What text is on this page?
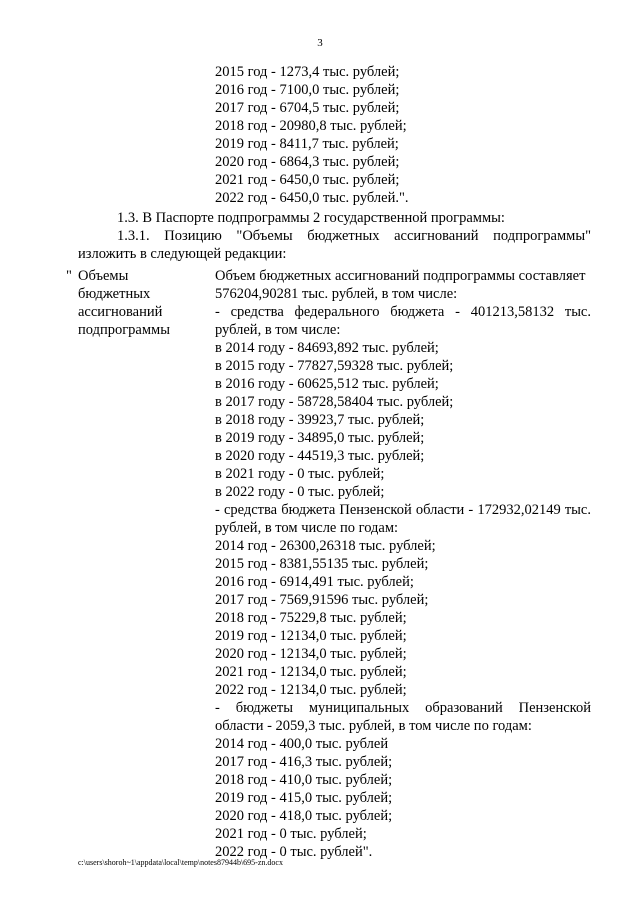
3
2015 год - 1273,4 тыс. рублей;
2016 год - 7100,0 тыс. рублей;
2017 год - 6704,5 тыс. рублей;
2018 год - 20980,8 тыс. рублей;
2019 год - 8411,7 тыс. рублей;
2020 год - 6864,3 тыс. рублей;
2021 год - 6450,0 тыс. рублей;
2022 год - 6450,0 тыс. рублей.".
1.3. В Паспорте подпрограммы 2 государственной программы:
1.3.1. Позицию "Объемы бюджетных ассигнований подпрограммы"
изложить в следующей редакции:
" Объемы
бюджетных
ассигнований
подпрограммы
Объем бюджетных ассигнований подпрограммы составляет
576204,90281 тыс. рублей, в том числе:
- средства федерального бюджета - 401213,58132 тыс.
рублей, в том числе:
в 2014 году - 84693,892 тыс. рублей;
в 2015 году - 77827,59328 тыс. рублей;
в 2016 году - 60625,512 тыс. рублей;
в 2017 году - 58728,58404 тыс. рублей;
в 2018 году - 39923,7 тыс. рублей;
в 2019 году - 34895,0 тыс. рублей;
в 2020 году - 44519,3 тыс. рублей;
в 2021 году - 0 тыс. рублей;
в 2022 году - 0 тыс. рублей;
- средства бюджета Пензенской области - 172932,02149 тыс.
рублей, в том числе по годам:
2014 год - 26300,26318 тыс. рублей;
2015 год - 8381,55135 тыс. рублей;
2016 год - 6914,491 тыс. рублей;
2017 год - 7569,91596 тыс. рублей;
2018 год - 75229,8 тыс. рублей;
2019 год - 12134,0 тыс. рублей;
2020 год - 12134,0 тыс. рублей;
2021 год - 12134,0 тыс. рублей;
2022 год - 12134,0 тыс. рублей;
- бюджеты муниципальных образований Пензенской
области - 2059,3 тыс. рублей, в том числе по годам:
2014 год - 400,0 тыс. рублей
2017 год - 416,3 тыс. рублей;
2018 год - 410,0 тыс. рублей;
2019 год - 415,0 тыс. рублей;
2020 год - 418,0 тыс. рублей;
2021 год - 0 тыс. рублей;
2022 год - 0 тыс. рублей".
c:\users\shoroh~1\appdata\local\temp\notes87944b\695-zn.docx
